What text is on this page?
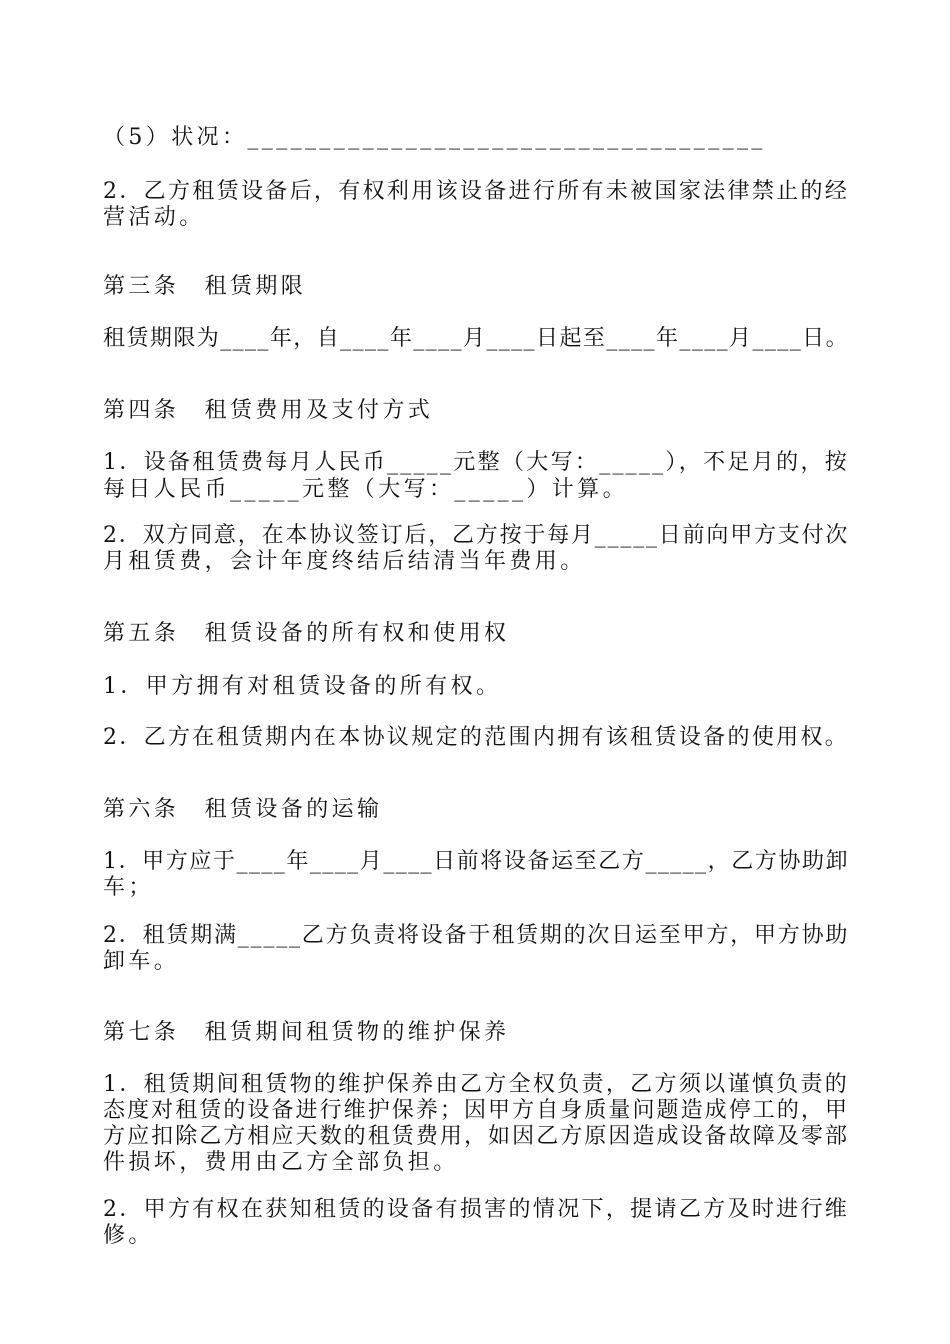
（5）状况：____________________________________
2．乙方租赁设备后，有权利用该设备进行所有未被国家法律禁止的经
营活动。
第三条　租赁期限
租赁期限为____年，自____年____月____日起至____年____月____日。
第四条　租赁费用及支付方式
1．设备租赁费每月人民币_____元整（大写：_____），不足月的，按
每日人民币_____元整（大写：_____）计算。
2．双方同意，在本协议签订后，乙方按于每月_____日前向甲方支付次
月租赁费，会计年度终结后结清当年费用。
第五条　租赁设备的所有权和使用权
1．甲方拥有对租赁设备的所有权。
2．乙方在租赁期内在本协议规定的范围内拥有该租赁设备的使用权。
第六条　租赁设备的运输
1．甲方应于____年____月____日前将设备运至乙方_____，乙方协助卸
车；
2．租赁期满_____乙方负责将设备于租赁期的次日运至甲方，甲方协助
卸车。
第七条　租赁期间租赁物的维护保养
1．租赁期间租赁物的维护保养由乙方全权负责，乙方须以谨慎负责的
态度对租赁的设备进行维护保养；因甲方自身质量问题造成停工的，甲
方应扣除乙方相应天数的租赁费用，如因乙方原因造成设备故障及零部
件损坏，费用由乙方全部负担。
2．甲方有权在获知租赁的设备有损害的情况下，提请乙方及时进行维
修。
